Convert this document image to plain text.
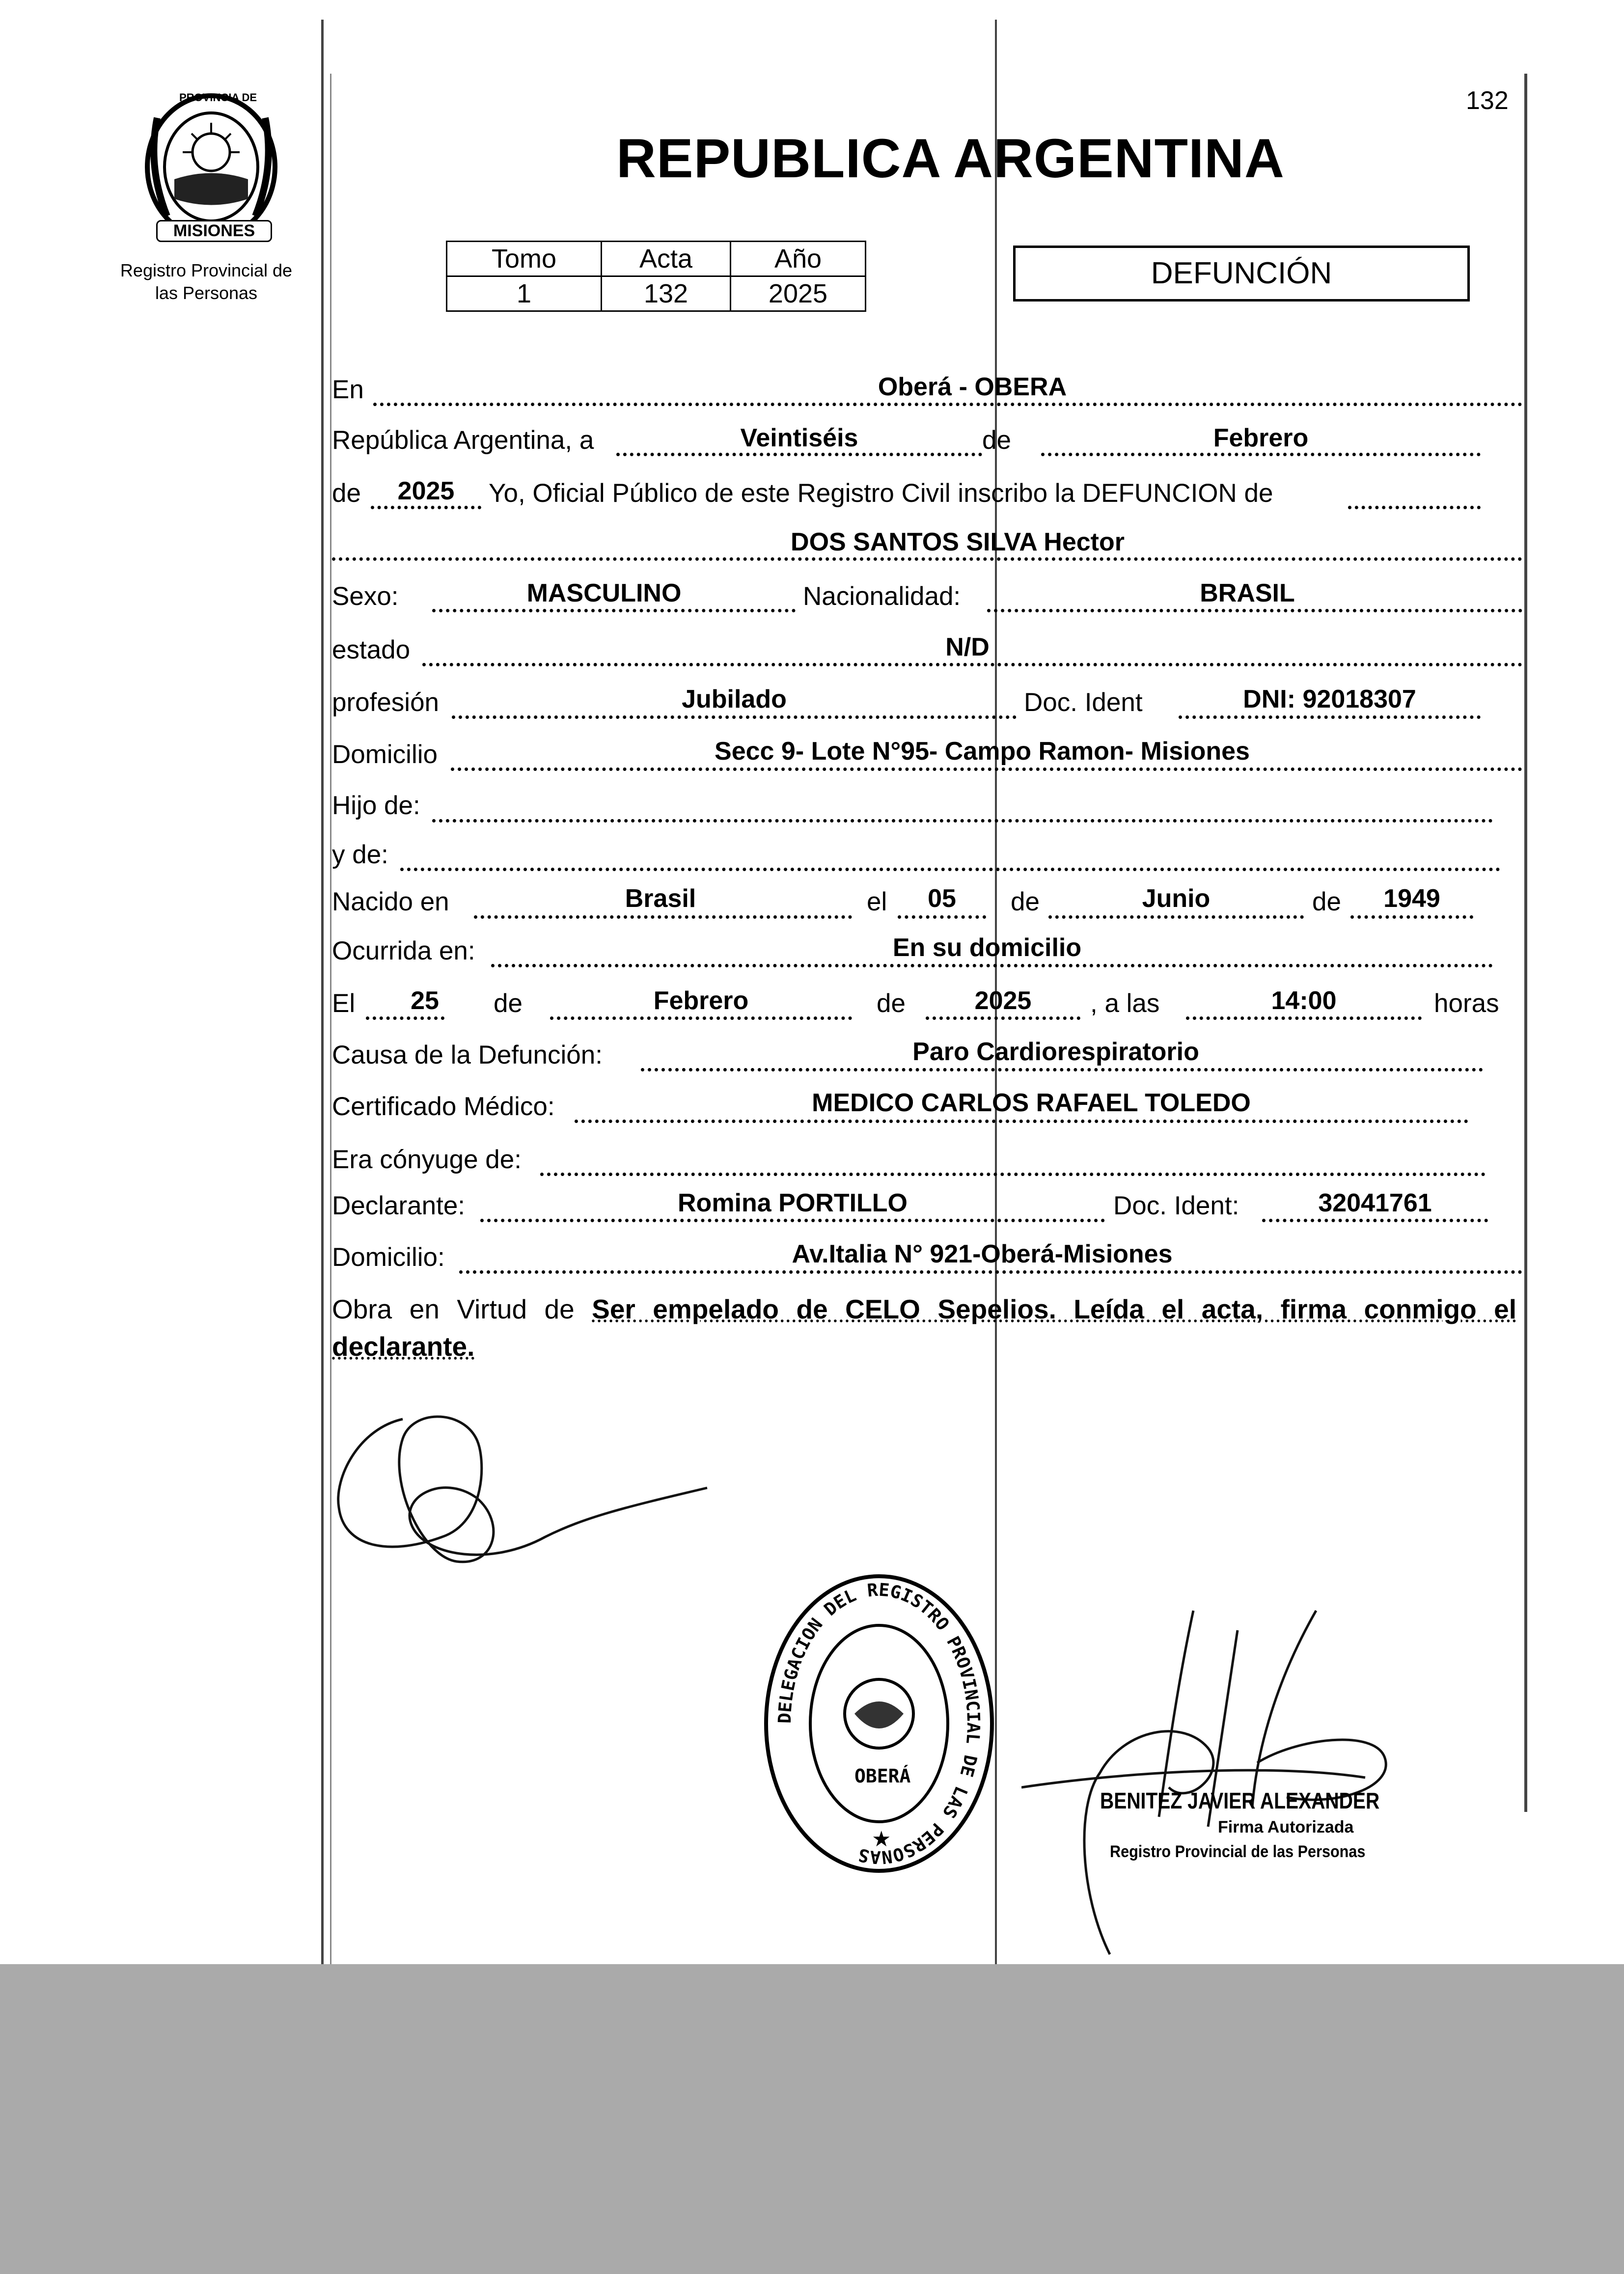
132
PROVINCIA DE
MISIONES
Registro Provincial de
las Personas
REPUBLICA ARGENTINA
Tomo	Acta	Año
1	132	2025
DEFUNCIÓN
En	Oberá - OBERA
República Argentina, a	Veintiséis	de	Febrero
de	2025	Yo, Oficial Público de este Registro Civil inscribo la DEFUNCION de
DOS SANTOS SILVA Hector
Sexo:	MASCULINO	Nacionalidad:	BRASIL
estado	N/D
profesión	Jubilado	Doc. Ident	DNI: 92018307
Domicilio	Secc 9- Lote N°95- Campo Ramon- Misiones
Hijo de:
y de:
Nacido en	Brasil	el	05	de	Junio	de	1949
Ocurrida en:	En su domicilio
El	25	de	Febrero	de	2025	, a las	14:00	horas
Causa de la Defunción:	Paro Cardiorespiratorio
Certificado Médico:	MEDICO CARLOS RAFAEL TOLEDO
Era cónyuge de:
Declarante:	Romina PORTILLO	Doc. Ident:	32041761
Domicilio:	Av.Italia N° 921-Oberá-Misiones
Obra en Virtud de Ser empelado de CELO Sepelios. Leída el acta, firma conmigo el declarante.
DELEGACION DEL REGISTRO PROVINCIAL DE LAS PERSONAS
OBERÁ
★
BENITEZ JAVIER ALEXANDER
Firma Autorizada
Registro Provincial de las Personas
